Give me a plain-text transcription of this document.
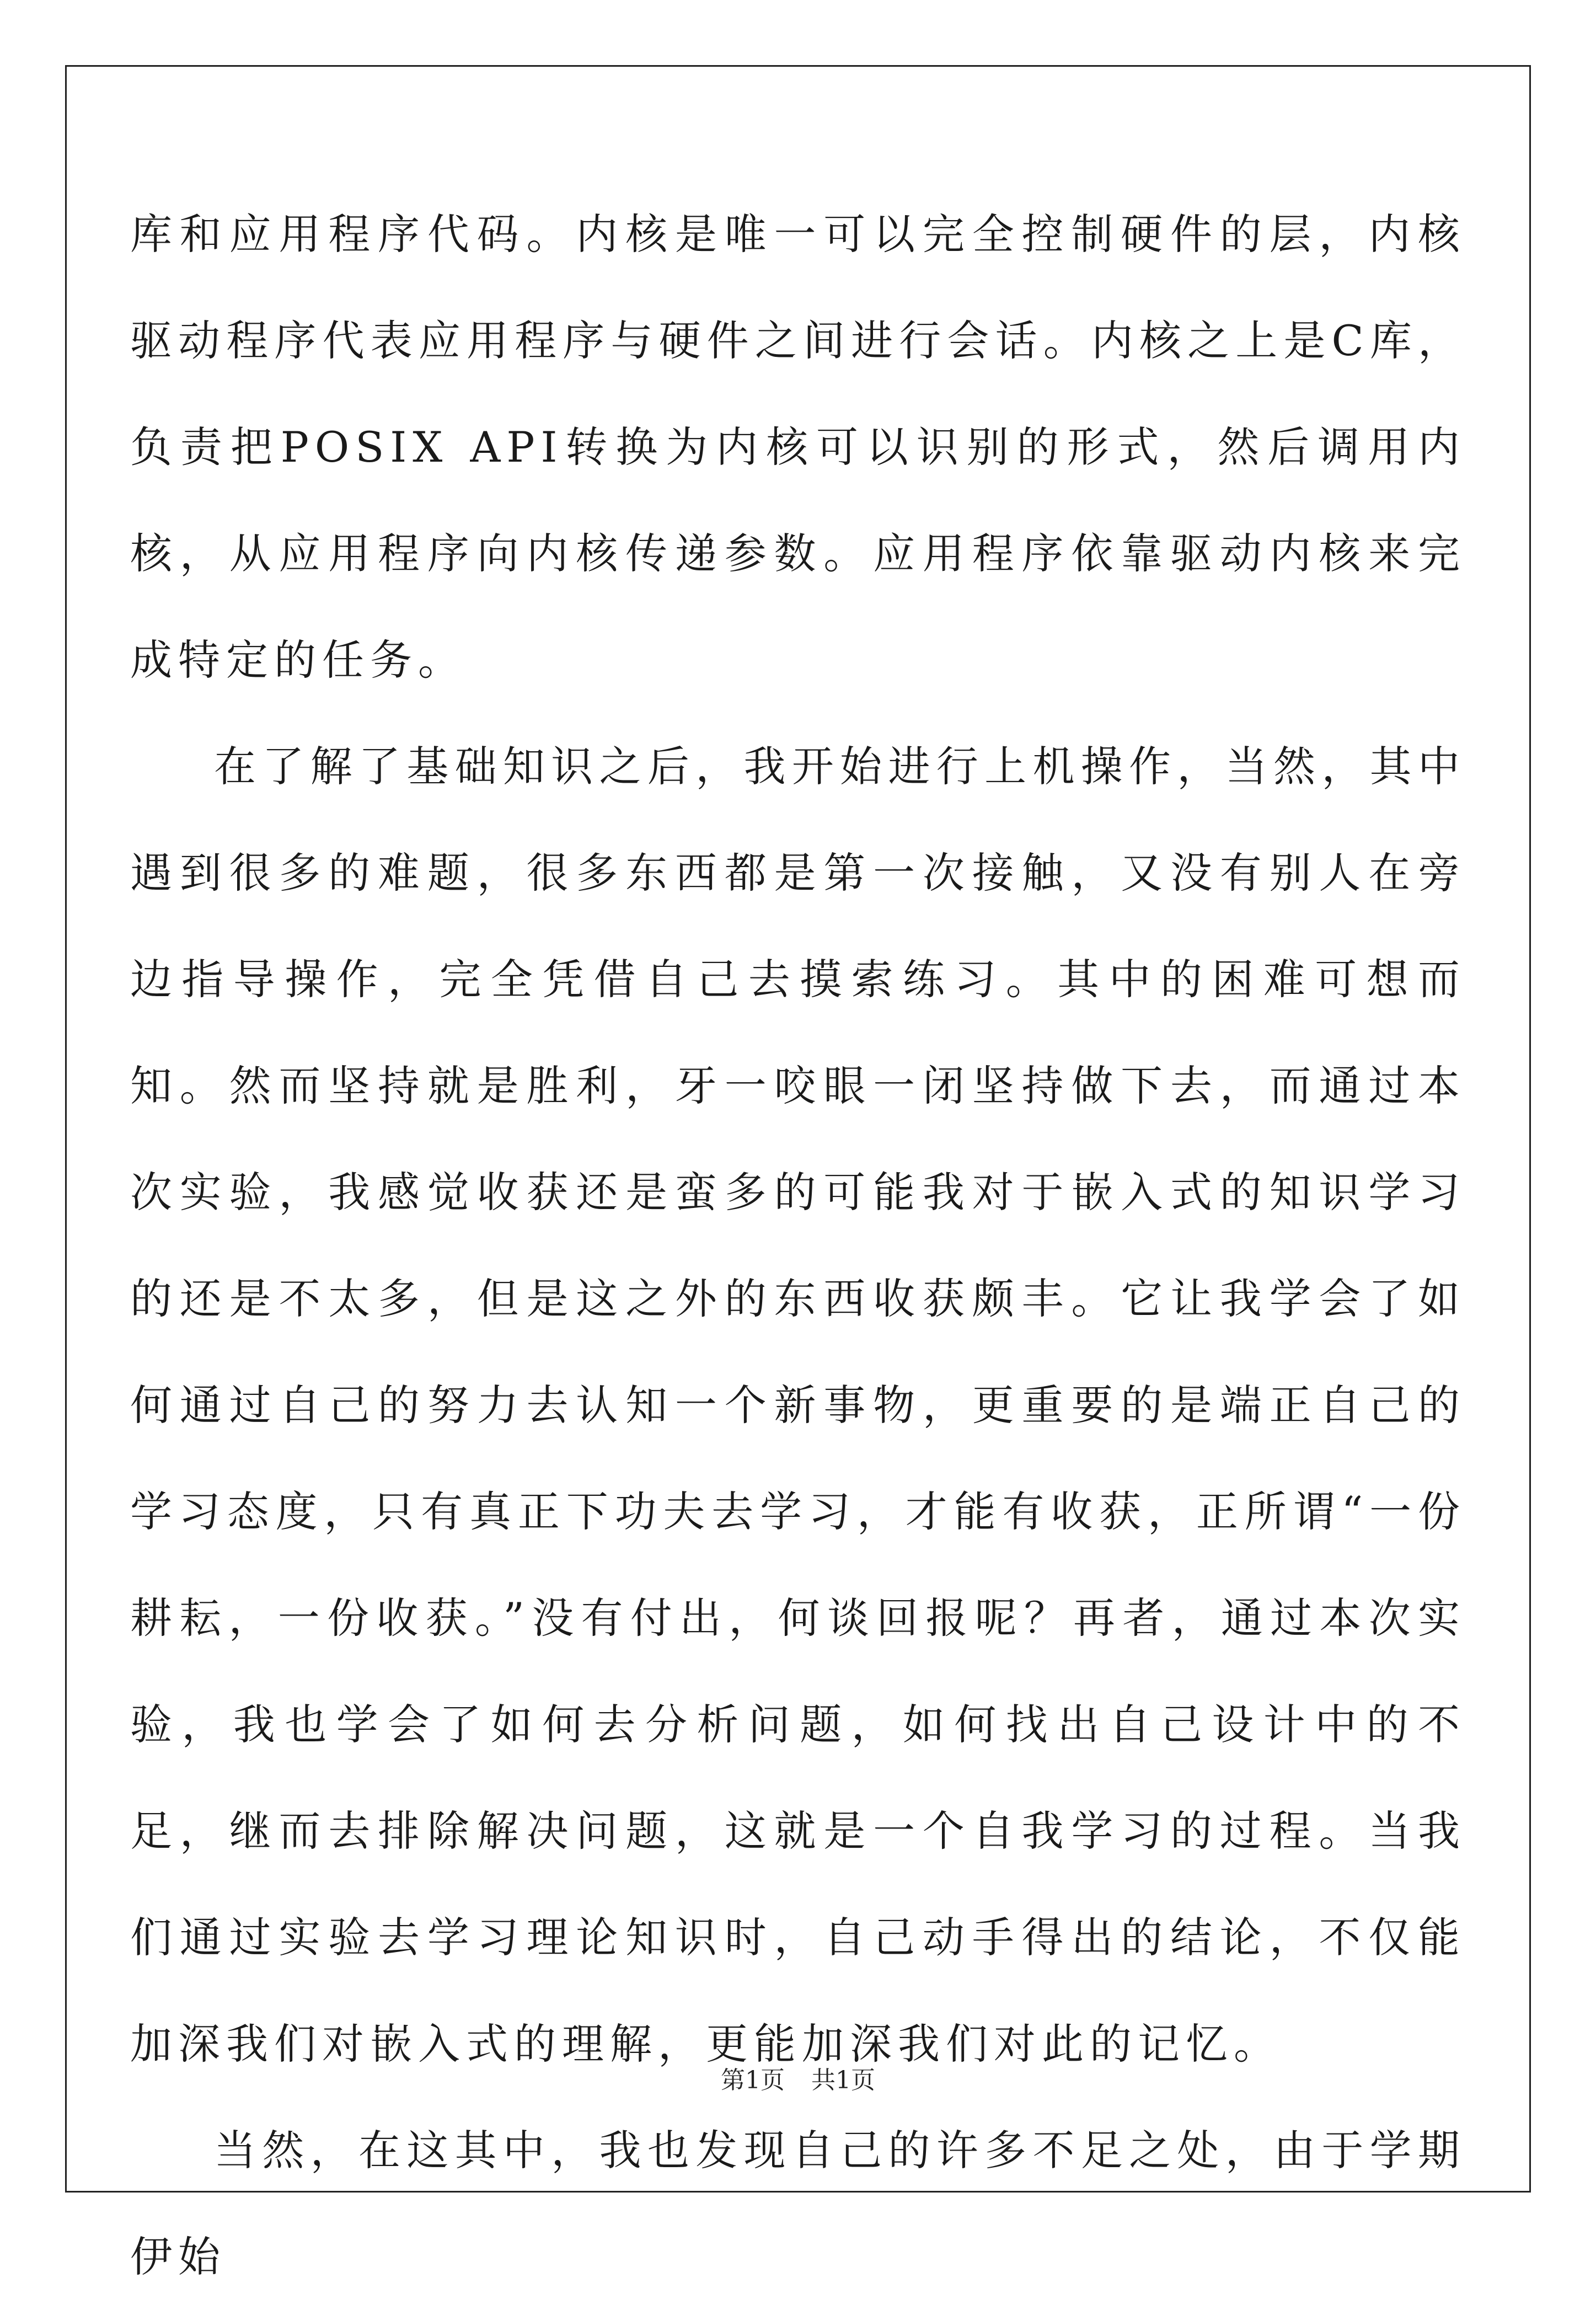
库和应用程序代码。内核是唯一可以完全控制硬件的层，内核驱动程序代表应用程序与硬件之间进行会话。内核之上是C库，负责把POSIX API转换为内核可以识别的形式，然后调用内核，从应用程序向内核传递参数。应用程序依靠驱动内核来完成特定的任务。

在了解了基础知识之后，我开始进行上机操作，当然，其中遇到很多的难题，很多东西都是第一次接触，又没有别人在旁边指导操作，完全凭借自己去摸索练习。其中的困难可想而知。然而坚持就是胜利，牙一咬眼一闭坚持做下去，而通过本次实验，我感觉收获还是蛮多的可能我对于嵌入式的知识学习的还是不太多，但是这之外的东西收获颇丰。它让我学会了如何通过自己的努力去认知一个新事物，更重要的是端正自己的学习态度，只有真正下功夫去学习，才能有收获，正所谓“一份耕耘，一份收获。”没有付出，何谈回报呢？再者，通过本次实验，我也学会了如何去分析问题，如何找出自己设计中的不足，继而去排除解决问题，这就是一个自我学习的过程。当我们通过实验去学习理论知识时，自己动手得出的结论，不仅能加深我们对嵌入式的理解，更能加深我们对此的记忆。

当然，在这其中，我也发现自己的许多不足之处，由于学期伊始

第1页 共1页
